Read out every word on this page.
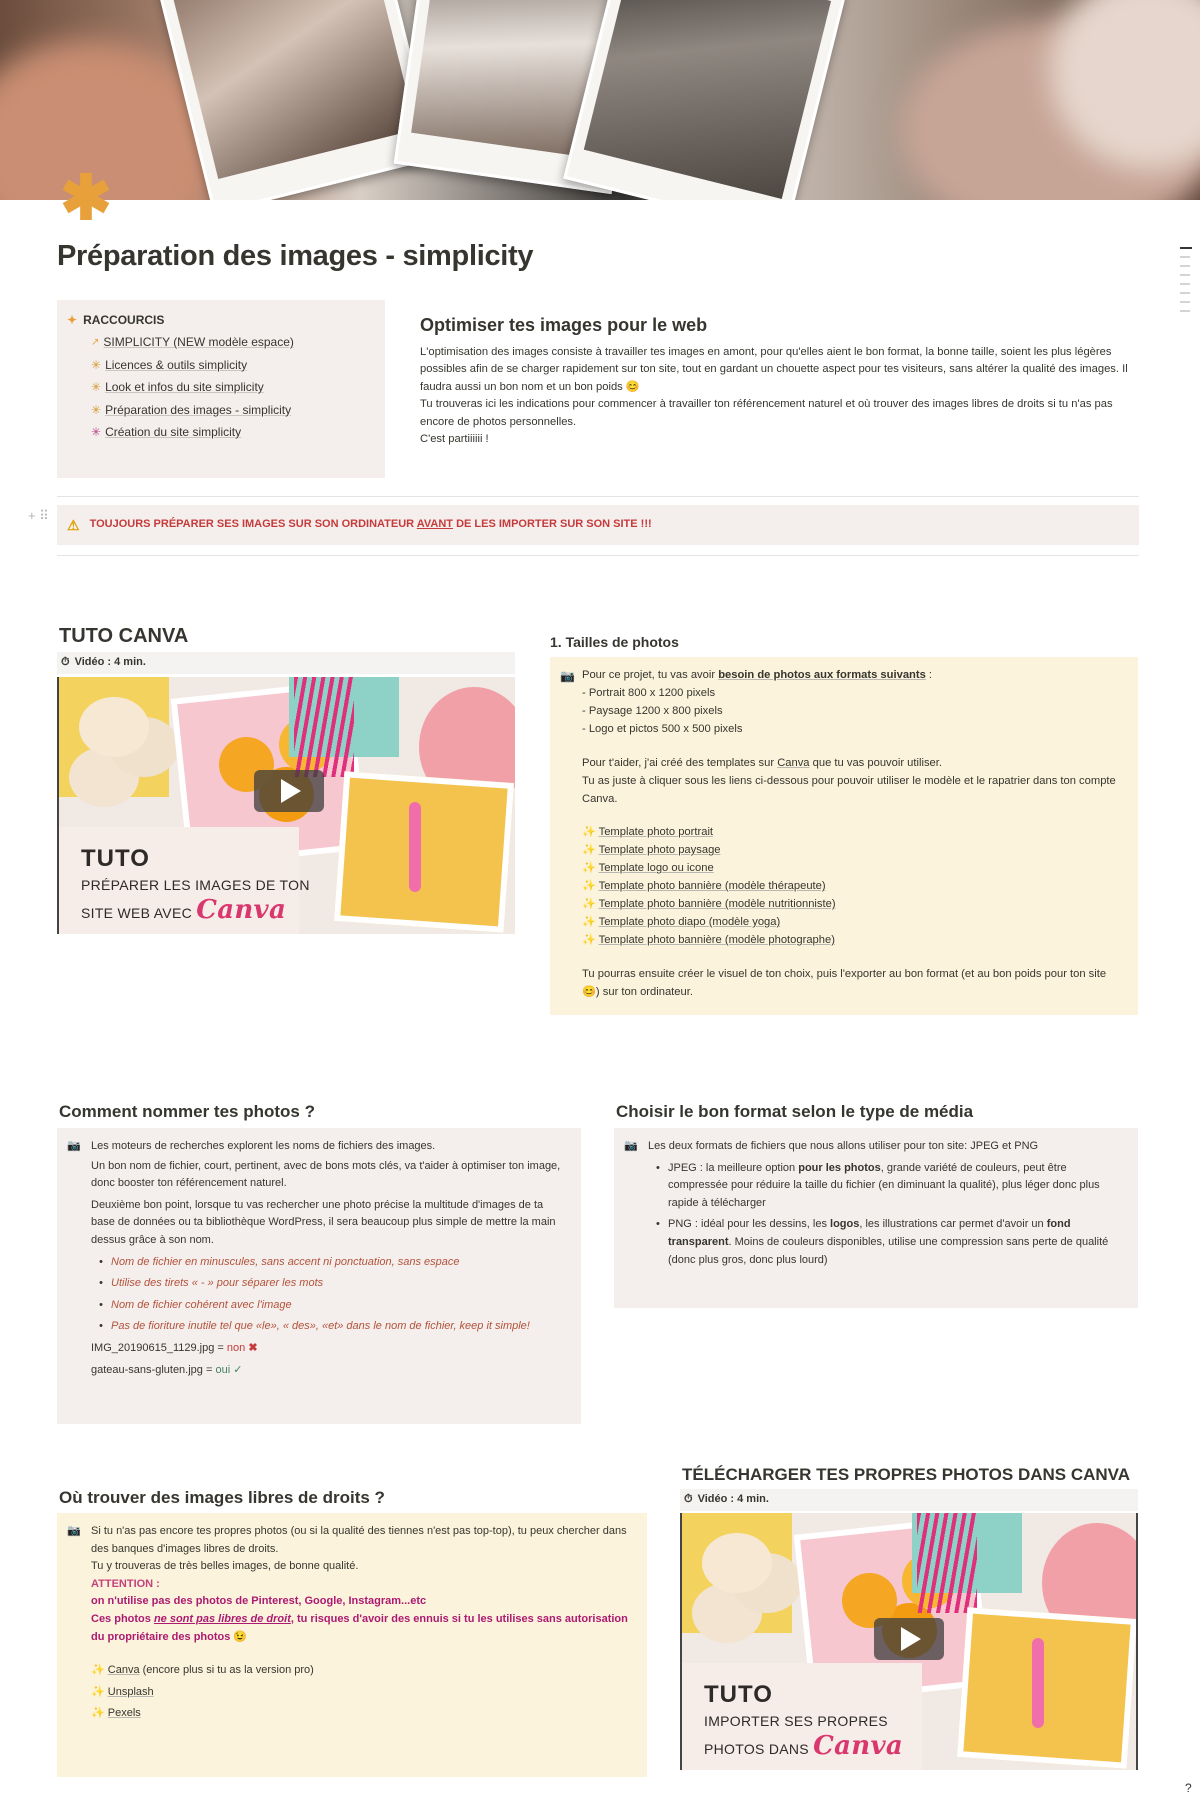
✱
Préparation des images - simplicity
✦ RACCOURCIS
↗ SIMPLICITY (NEW modèle espace)
✳ Licences & outils simplicity
✳ Look et infos du site simplicity
✳ Préparation des images - simplicity
✳ Création du site simplicity
Optimiser tes images pour le web

L'optimisation des images consiste à travailler tes images en amont, pour qu'elles aient le bon format, la bonne taille, soient les plus légères possibles afin de se charger rapidement sur ton site, tout en gardant un chouette aspect pour tes visiteurs, sans altérer la qualité des images. Il faudra aussi un bon nom et un bon poids 😊

Tu trouveras ici les indications pour commencer à travailler ton référencement naturel et où trouver des images libres de droits si tu n'as pas encore de photos personnelles.

C'est partiiiiii !

+ ⠿
⚠ TOUJOURS PRÉPARER SES IMAGES SUR SON ORDINATEUR AVANT DE LES IMPORTER SUR SON SITE !!!
TUTO CANVA
⏱ Vidéo : 4 min.
TUTO
PRÉPARER LES IMAGES DE TON
SITE WEB AVEC Canva
1. Tailles de photos
📷 Pour ce projet, tu vas avoir besoin de photos aux formats suivants :
- Portrait 800 x 1200 pixels
- Paysage 1200 x 800 pixels
- Logo et pictos 500 x 500 pixels
Pour t'aider, j'ai créé des templates sur Canva que tu vas pouvoir utiliser.
Tu as juste à cliquer sous les liens ci-dessous pour pouvoir utiliser le modèle et le rapatrier dans ton compte Canva.
✨ Template photo portrait
✨ Template photo paysage
✨ Template logo ou icone
✨ Template photo bannière (modèle thérapeute)
✨ Template photo bannière (modèle nutritionniste)
✨ Template photo diapo (modèle yoga)
✨ Template photo bannière (modèle photographe)
Tu pourras ensuite créer le visuel de ton choix, puis l'exporter au bon format (et au bon poids pour ton site 😊) sur ton ordinateur.
Comment nommer tes photos ?
📷 Les moteurs de recherches explorent les noms de fichiers des images.
Un bon nom de fichier, court, pertinent, avec de bons mots clés, va t'aider à optimiser ton image, donc booster ton référencement naturel.
Deuxième bon point, lorsque tu vas rechercher une photo précise la multitude d'images de ta base de données ou ta bibliothèque WordPress, il sera beaucoup plus simple de mettre la main dessus grâce à son nom.
• Nom de fichier en minuscules, sans accent ni ponctuation, sans espace
• Utilise des tirets « - » pour séparer les mots
• Nom de fichier cohérent avec l'image
• Pas de fioriture inutile tel que «le», « des», «et» dans le nom de fichier, keep it simple!
IMG_20190615_1129.jpg = non ✖
gateau-sans-gluten.jpg = oui ✓
Choisir le bon format selon le type de média
📷 Les deux formats de fichiers que nous allons utiliser pour ton site: JPEG et PNG
• JPEG : la meilleure option pour les photos, grande variété de couleurs, peut être compressée pour réduire la taille du fichier (en diminuant la qualité), plus léger donc plus rapide à télécharger
• PNG : idéal pour les dessins, les logos, les illustrations car permet d'avoir un fond transparent. Moins de couleurs disponibles, utilise une compression sans perte de qualité (donc plus gros, donc plus lourd)
Où trouver des images libres de droits ?
📷 Si tu n'as pas encore tes propres photos (ou si la qualité des tiennes n'est pas top-top), tu peux chercher dans des banques d'images libres de droits.
Tu y trouveras de très belles images, de bonne qualité.
ATTENTION :
on n'utilise pas des photos de Pinterest, Google, Instagram...etc
Ces photos ne sont pas libres de droit, tu risques d'avoir des ennuis si tu les utilises sans autorisation du propriétaire des photos 😉
✨ Canva (encore plus si tu as la version pro)
✨ Unsplash
✨ Pexels
TÉLÉCHARGER TES PROPRES PHOTOS DANS CANVA
⏱ Vidéo : 4 min.
TUTO
IMPORTER SES PROPRES
PHOTOS DANS Canva
?
